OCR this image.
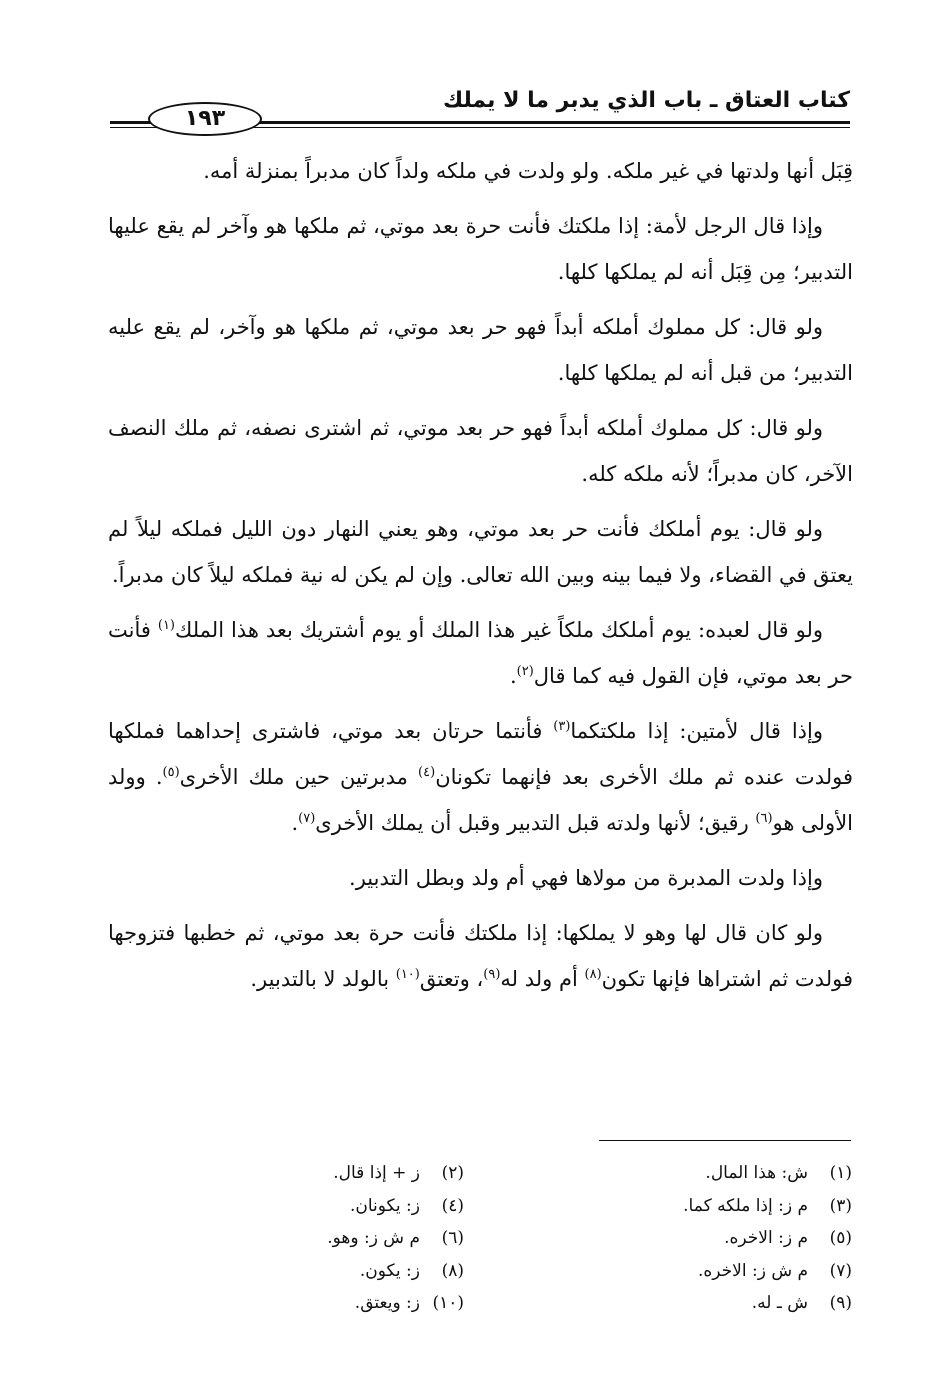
كتاب العتاق ـ باب الذي يدبر ما لا يملك
١٩٣

قِبَل أنها ولدتها في غير ملكه. ولو ولدت في ملكه ولداً كان مدبراً بمنزلة أمه.

وإذا قال الرجل لأمة: إذا ملكتك فأنت حرة بعد موتي، ثم ملكها هو وآخر لم يقع عليها التدبير؛ مِن قِبَل أنه لم يملكها كلها.

ولو قال: كل مملوك أملكه أبداً فهو حر بعد موتي، ثم ملكها هو وآخر، لم يقع عليه التدبير؛ من قبل أنه لم يملكها كلها.

ولو قال: كل مملوك أملكه أبداً فهو حر بعد موتي، ثم اشترى نصفه، ثم ملك النصف الآخر، كان مدبراً؛ لأنه ملكه كله.

ولو قال: يوم أملكك فأنت حر بعد موتي، وهو يعني النهار دون الليل فملكه ليلاً لم يعتق في القضاء، ولا فيما بينه وبين الله تعالى. وإن لم يكن له نية فملكه ليلاً كان مدبراً.

ولو قال لعبده: يوم أملكك ملكاً غير هذا الملك أو يوم أشتريك بعد هذا الملك$^{(١)}$ فأنت حر بعد موتي، فإن القول فيه كما قال$^{(٢)}$.

وإذا قال لأمتين: إذا ملكتكما$^{(٣)}$ فأنتما حرتان بعد موتي، فاشترى إحداهما فملكها فولدت عنده ثم ملك الأخرى بعد فإنهما تكونان$^{(٤)}$ مدبرتين حين ملك الأخرى$^{(٥)}$. وولد الأولى هو$^{(٦)}$ رقيق؛ لأنها ولدته قبل التدبير وقبل أن يملك الأخرى$^{(٧)}$.

وإذا ولدت المدبرة من مولاها فهي أم ولد وبطل التدبير.

ولو كان قال لها وهو لا يملكها: إذا ملكتك فأنت حرة بعد موتي، ثم خطبها فتزوجها فولدت ثم اشتراها فإنها تكون$^{(٨)}$ أم ولد له$^{(٩)}$، وتعتق$^{(١٠)}$ بالولد لا بالتدبير.

(١)ش: هذا المال.
(٣)م ز: إذا ملكه كما.
(٥)م ز: الاخره.
(٧)م ش ز: الاخره.
(٩)ش ـ له.
(٢)ز + إذا قال.
(٤)ز: يكونان.
(٦)م ش ز: وهو.
(٨)ز: يكون.
(١٠)ز: ويعتق.
